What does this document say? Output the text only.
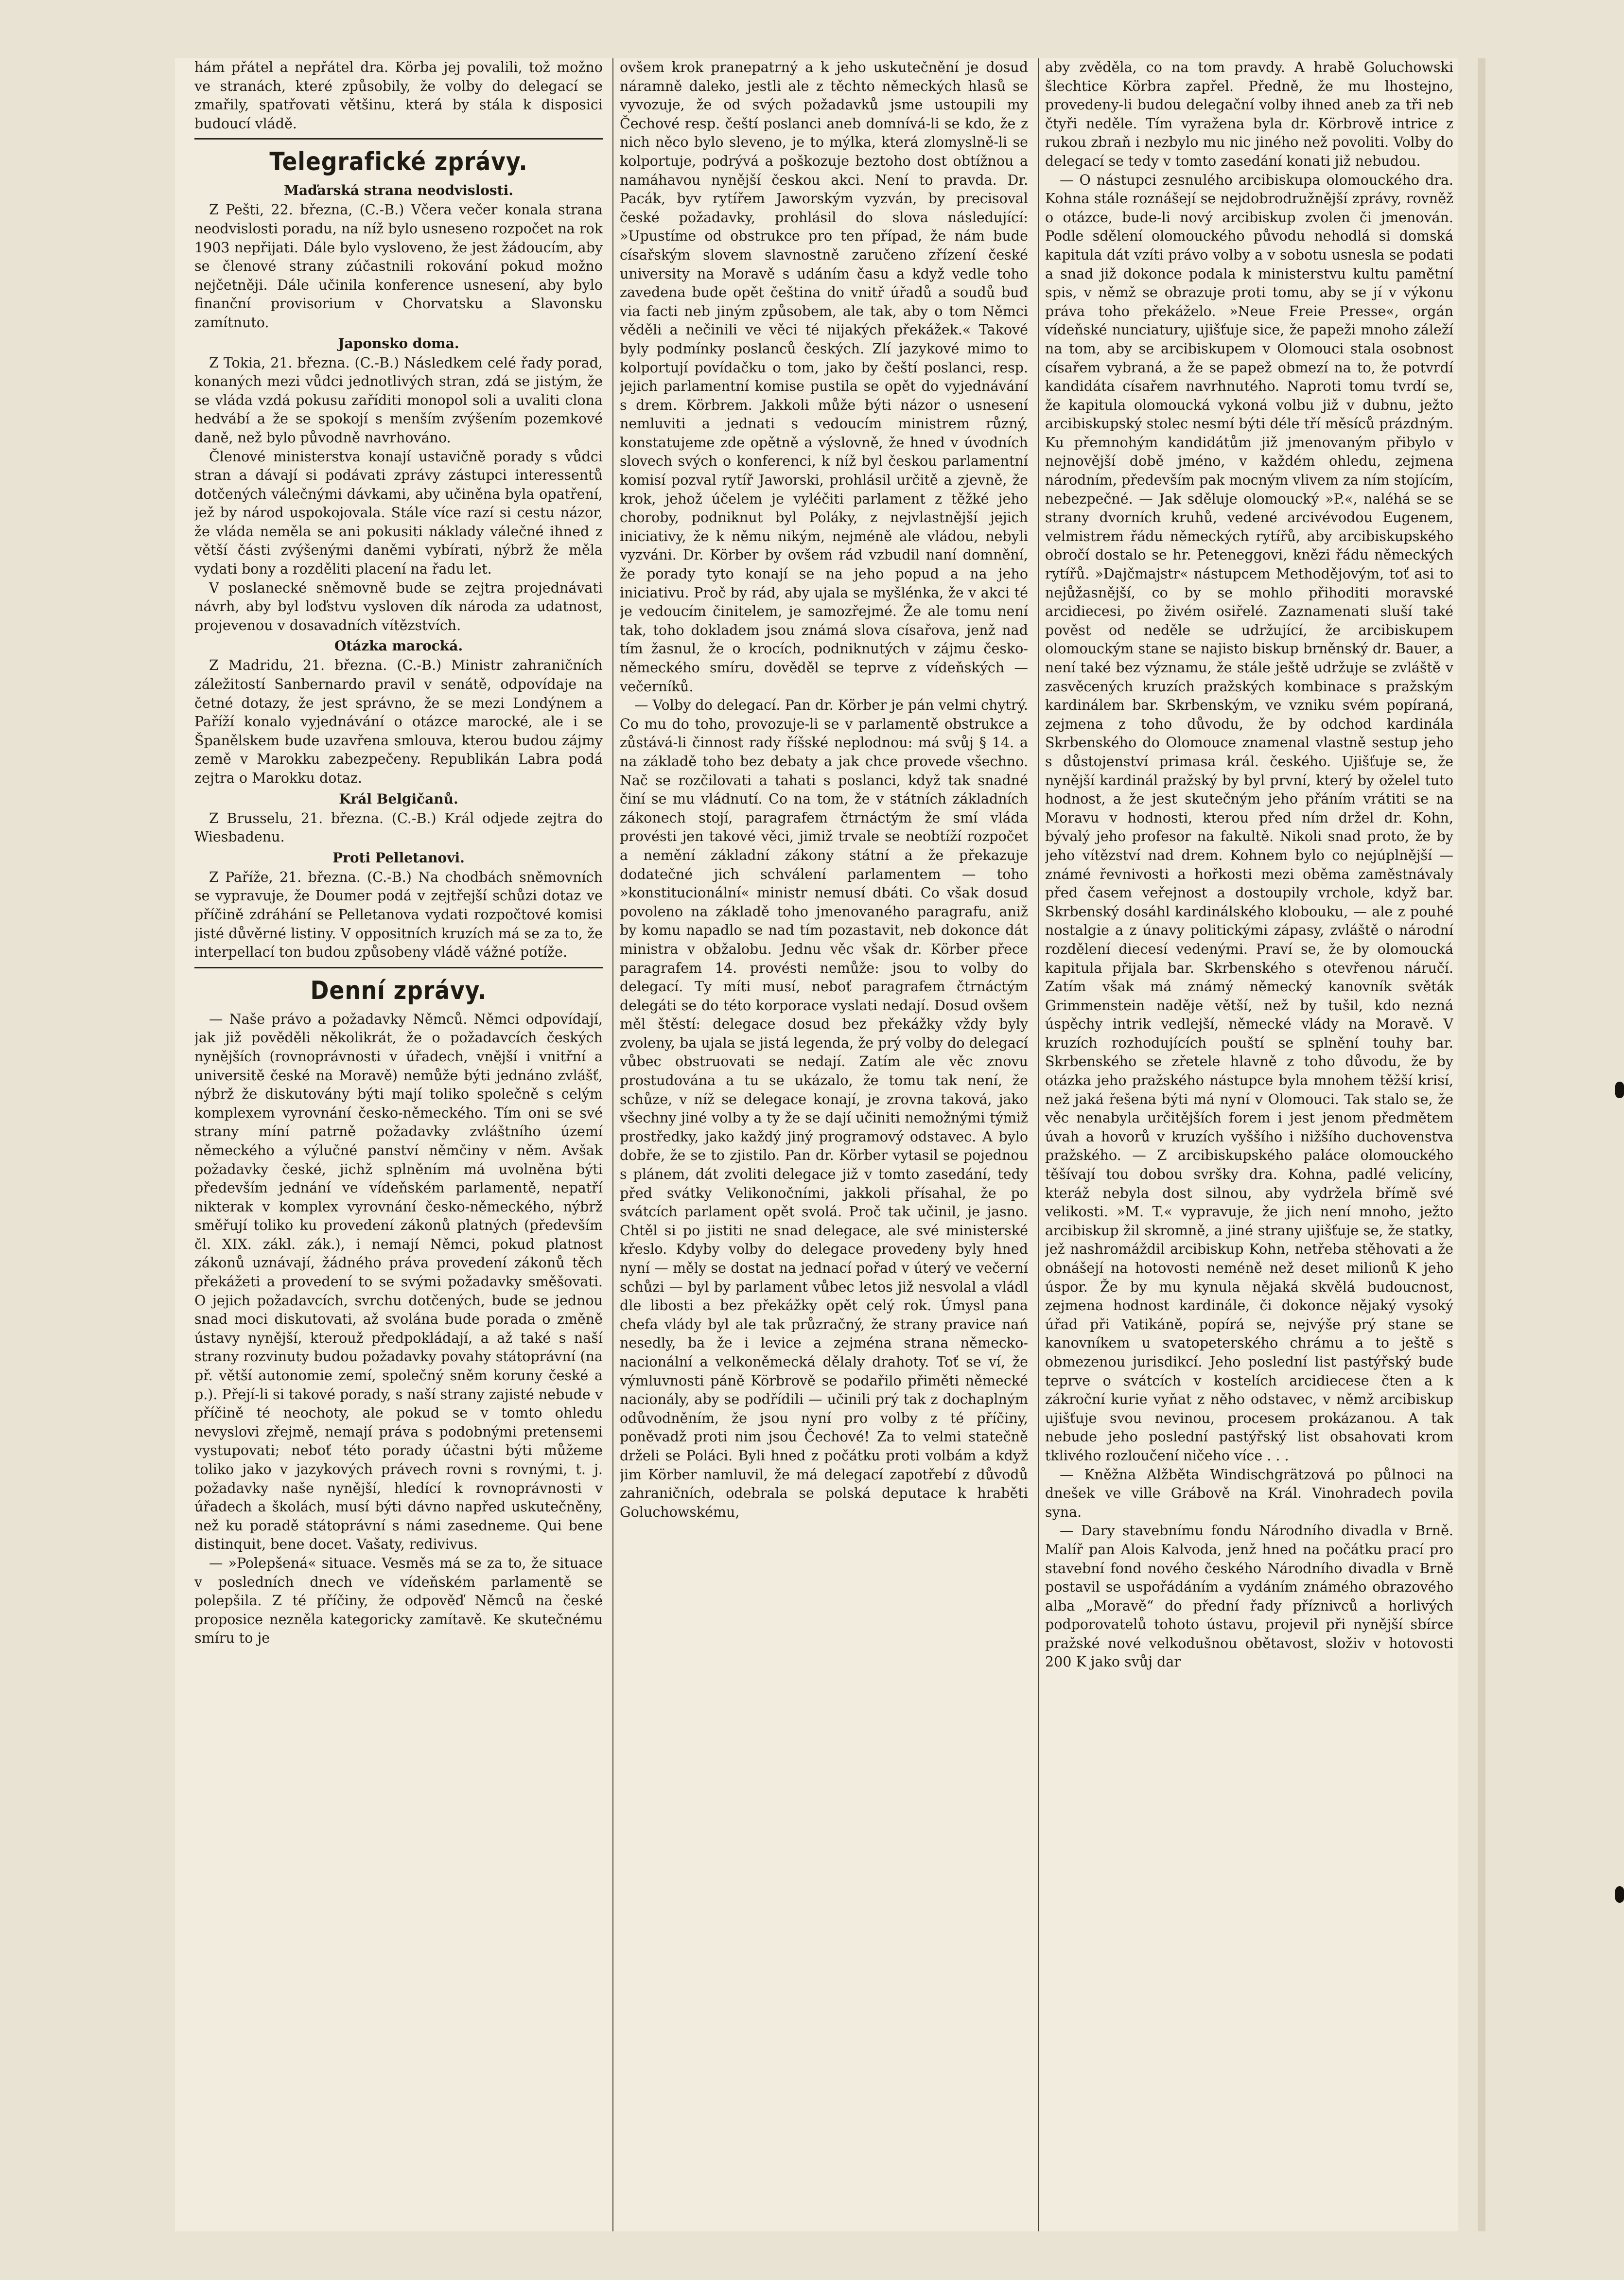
hám přátel a nepřátel dra. Körba jej povalili, tož možno ve stranách, které způsobily, že volby do delegací se zmařily, spatřovati většinu, která by stála k disposici budoucí vládě.

Telegrafické zprávy.
Maďarská strana neodvislosti.

Z Pešti, 22. března, (C.-B.) Včera večer konala strana neodvislosti poradu, na níž bylo usneseno rozpočet na rok 1903 nepřijati. Dále bylo vysloveno, že jest žádoucím, aby se členové strany zúčastnili rokování pokud možno nejčetněji. Dále učinila konference usnesení, aby bylo finanční provisorium v Chorvatsku a Slavonsku zamítnuto.

Japonsko doma.

Z Tokia, 21. března. (C.-B.) Následkem celé řady porad, konaných mezi vůdci jednotlivých stran, zdá se jistým, že se vláda vzdá pokusu zaříditi monopol soli a uvaliti clona hedvábí a že se spokojí s menším zvýšením pozemkové daně, než bylo původně navrhováno.

Členové ministerstva konají ustavičně porady s vůdci stran a dávají si podávati zprávy zástupci interessentů dotčených válečnými dávkami, aby učiněna byla opatření, jež by národ uspokojovala. Stále více razí si cestu názor, že vláda neměla se ani pokusiti náklady válečné ihned z větší části zvýšenými daněmi vybírati, nýbrž že měla vydati bony a rozděliti placení na řadu let.

V poslanecké sněmovně bude se zejtra projednávati návrh, aby byl loďstvu vysloven dík národa za udatnost, projevenou v dosavadních vítězstvích.

Otázka marocká.

Z Madridu, 21. března. (C.-B.) Ministr zahraničních záležitostí Sanbernardo pravil v senátě, odpovídaje na četné dotazy, že jest správno, že se mezi Londýnem a Paříží konalo vyjednávání o otázce marocké, ale i se Španělskem bude uzavřena smlouva, kterou budou zájmy země v Marokku zabezpečeny. Republikán Labra podá zejtra o Marokku dotaz.

Král Belgičanů.

Z Brusselu, 21. března. (C.-B.) Král odjede zejtra do Wiesbadenu.

Proti Pelletanovi.

Z Paříže, 21. března. (C.-B.) Na chodbách sněmovních se vypravuje, že Doumer podá v zejtřejší schůzi dotaz ve příčině zdráhání se Pelletanova vydati rozpočtové komisi jisté důvěrné listiny. V oppositních kruzích má se za to, že interpellací ton budou způsobeny vládě vážné potíže.

Denní zprávy.

— Naše právo a požadavky Němců. Němci odpovídají, jak již pověděli několikrát, že o požadavcích českých nynějších (rovnoprávnosti v úřadech, vnější i vnitřní a universitě české na Moravě) nemůže býti jednáno zvlášť, nýbrž že diskutovány býti mají toliko společně s celým komplexem vyrovnání česko-německého. Tím oni se své strany míní patrně požadavky zvláštního území německého a výlučné panství němčiny v něm. Avšak požadavky české, jichž splněním má uvolněna býti především jednání ve vídeňském parlamentě, nepatří nikterak v komplex vyrovnání česko-německého, nýbrž směřují toliko ku provedení zákonů platných (především čl. XIX. zákl. zák.), i nemají Němci, pokud platnost zákonů uznávají, žádného práva provedení zákonů těch překážeti a provedení to se svými požadavky směšovati. O jejich požadavcích, svrchu dotčených, bude se jednou snad moci diskutovati, až svolána bude porada o změně ústavy nynější, kterouž předpokládají, a až také s naší strany rozvinuty budou požadavky povahy státoprávní (na př. větší autonomie zemí, společný sněm koruny české a p.). Přejí-li si takové porady, s naší strany zajisté nebude v příčině té neochoty, ale pokud se v tomto ohledu nevyslovi zřejmě, nemají práva s podobnými pretensemi vystupovati; neboť této porady účastni býti můžeme toliko jako v jazykových právech rovni s rovnými, t. j. požadavky naše nynější, hledící k rovnoprávnosti v úřadech a školách, musí býti dávno napřed uskutečněny, než ku poradě státoprávní s námi zasedneme. Qui bene distinquit, bene docet. Vašaty, redivivus.

— »Polepšená« situace. Vesměs má se za to, že situace v posledních dnech ve vídeňském parlamentě se polepšila. Z té příčiny, že odpověď Němců na české proposice nezněla kategoricky zamítavě. Ke skutečnému smíru to je

ovšem krok pranepatrný a k jeho uskutečnění je dosud náramně daleko, jestli ale z těchto německých hlasů se vyvozuje, že od svých požadavků jsme ustoupili my Čechové resp. čeští poslanci aneb domnívá-li se kdo, že z nich něco bylo sleveno, je to mýlka, která zlomyslně-li se kolportuje, podrývá a poškozuje beztoho dost obtížnou a namáhavou nynější českou akci. Není to pravda. Dr. Pacák, byv rytířem Jaworským vyzván, by precisoval české požadavky, prohlásil do slova následující: »Upustíme od obstrukce pro ten případ, že nám bude císařským slovem slavnostně zaručeno zřízení české university na Moravě s udáním času a když vedle toho zavedena bude opět čeština do vnitř úřadů a soudů buď via facti neb jiným způsobem, ale tak, aby o tom Němci věděli a nečinili ve věci té nijakých překážek.« Takové byly podmínky poslanců českých. Zlí jazykové mimo to kolportují povídačku o tom, jako by čeští poslanci, resp. jejich parlamentní komise pustila se opět do vyjednávání s drem. Körbrem. Jakkoli může býti názor o usnesení nemluviti a jednati s vedoucím ministrem různý, konstatujeme zde opětně a výslovně, že hned v úvodních slovech svých o konferenci, k níž byl českou parlamentní komisí pozval rytíř Jaworski, prohlásil určitě a zjevně, že krok, jehož účelem je vyléčiti parlament z těžké jeho choroby, podniknut byl Poláky, z nejvlastnější jejich iniciativy, že k němu nikým, nejméně ale vládou, nebyli vyzváni. Dr. Körber by ovšem rád vzbudil naní domnění, že porady tyto konají se na jeho popud a na jeho iniciativu. Proč by rád, aby ujala se myšlénka, že v akci té je vedoucím činitelem, je samozřejmé. Že ale tomu není tak, toho dokladem jsou známá slova císařova, jenž nad tím žasnul, že o krocích, podniknutých v zájmu česko-německého smíru, dověděl se teprve z vídeňských — večerníků.

— Volby do delegací. Pan dr. Körber je pán velmi chytrý. Co mu do toho, provozuje-li se v parlamentě obstrukce a zůstává-li činnost rady říšské neplodnou: má svůj § 14. a na základě toho bez debaty a jak chce provede všechno. Nač se rozčilovati a tahati s poslanci, když tak snadné činí se mu vládnutí. Co na tom, že v státních základních zákonech stojí, paragrafem čtrnáctým že smí vláda provésti jen takové věci, jimiž trvale se neobtíží rozpočet a nemění základní zákony státní a že překazuje dodatečné jich schválení parlamentem — toho »konstitucionální« ministr nemusí dbáti. Co však dosud povoleno na základě toho jmenovaného paragrafu, aniž by komu napadlo se nad tím pozastavit, neb dokonce dát ministra v obžalobu. Jednu věc však dr. Körber přece paragrafem 14. provésti nemůže: jsou to volby do delegací. Ty míti musí, neboť paragrafem čtrnáctým delegáti se do této korporace vyslati nedají. Dosud ovšem měl štěstí: delegace dosud bez překážky vždy byly zvoleny, ba ujala se jistá legenda, že prý volby do delegací vůbec obstruovati se nedají. Zatím ale věc znovu prostudována a tu se ukázalo, že tomu tak není, že schůze, v níž se delegace konají, je zrovna taková, jako všechny jiné volby a ty že se dají učiniti nemožnými týmiž prostředky, jako každý jiný programový odstavec. A bylo dobře, že se to zjistilo. Pan dr. Körber vytasil se pojednou s plánem, dát zvoliti delegace již v tomto zasedání, tedy před svátky Velikonočními, jakkoli přísahal, že po svátcích parlament opět svolá. Proč tak učinil, je jasno. Chtěl si po jistiti ne snad delegace, ale své ministerské křeslo. Kdyby volby do delegace provedeny byly hned nyní — měly se dostat na jednací pořad v úterý ve večerní schůzi — byl by parlament vůbec letos již nesvolal a vládl dle libosti a bez překážky opět celý rok. Úmysl pana chefa vlády byl ale tak průzračný, že strany pravice nań nesedly, ba že i levice a zejména strana německo-nacionální a velkoněmecká dělaly drahoty. Toť se ví, že výmluvnosti páně Körbrově se podařilo přiměti německé nacionály, aby se podřídili — učinili prý tak z dochaplným odůvodněním, že jsou nyní pro volby z té příčiny, poněvadž proti nim jsou Čechové! Za to velmi statečně drželi se Poláci. Byli hned z počátku proti volbám a když jim Körber namluvil, že má delegací zapotřebí z důvodů zahraničních, odebrala se polská deputace k hraběti Goluchowskému,

aby zvěděla, co na tom pravdy. A hrabě Goluchowski šlechtice Körbra zapřel. Předně, že mu lhostejno, provedeny-li budou delegační volby ihned aneb za tři neb čtyři neděle. Tím vyražena byla dr. Körbrově intrice z rukou zbraň i nezbylo mu nic jiného než povoliti. Volby do delegací se tedy v tomto zasedání konati již nebudou.

— O nástupci zesnulého arcibiskupa olomouckého dra. Kohna stále roznášejí se nejdobrodružnější zprávy, rovněž o otázce, bude-li nový arcibiskup zvolen či jmenován. Podle sdělení olomouckého původu nehodlá si domská kapitula dát vzíti právo volby a v sobotu usnesla se podati a snad již dokonce podala k ministerstvu kultu pamětní spis, v němž se obrazuje proti tomu, aby se jí v výkonu práva toho překáželo. »Neue Freie Presse«, orgán vídeňské nunciatury, ujišťuje sice, že papeži mnoho záleží na tom, aby se arcibiskupem v Olomouci stala osobnost císařem vybraná, a že se papež obmezí na to, že potvrdí kandidáta císařem navrhnutého. Naproti tomu tvrdí se, že kapitula olomoucká vykoná volbu již v dubnu, ježto arcibiskupský stolec nesmí býti déle tří měsíců prázdným. Ku přemnohým kandidátům již jmenovaným přibylo v nejnovější době jméno, v každém ohledu, zejmena národním, především pak mocným vlivem za ním stojícím, nebezpečné. — Jak sděluje olomoucký »P.«, naléhá se se strany dvorních kruhů, vedené arcivévodou Eugenem, velmistrem řádu německých rytířů, aby arcibiskupského obročí dostalo se hr. Peteneggovi, knězi řádu německých rytířů. »Dajčmajstr« nástupcem Methodějovým, toť asi to nejůžasnější, co by se mohlo přihoditi moravské arcidiecesi, po živém osiřelé. Zaznamenati sluší také pověst od neděle se udržující, že arcibiskupem olomouckým stane se najisto biskup brněnský dr. Bauer, a není také bez významu, že stále ještě udržuje se zvláště v zasvěcených kruzích pražských kombinace s pražským kardinálem bar. Skrbenským, ve vzniku svém popíraná, zejmena z toho důvodu, že by odchod kardinála Skrbenského do Olomouce znamenal vlastně sestup jeho s důstojenství primasa král. českého. Ujišťuje se, že nynější kardinál pražský by byl první, který by oželel tuto hodnost, a že jest skutečným jeho přáním vrátiti se na Moravu v hodnosti, kterou před ním držel dr. Kohn, bývalý jeho profesor na fakultě. Nikoli snad proto, že by jeho vítězství nad drem. Kohnem bylo co nejúplnější — známé řevnivosti a hořkosti mezi oběma zaměstnávaly před časem veřejnost a dostoupily vrchole, když bar. Skrbenský dosáhl kardinálského klobouku, — ale z pouhé nostalgie a z únavy politickými zápasy, zvláště o národní rozdělení diecesí vedenými. Praví se, že by olomoucká kapitula přijala bar. Skrbenského s otevřenou náručí. Zatím však má známý německý kanovník světák Grimmenstein naděje větší, než by tušil, kdo nezná úspěchy intrik vedlejší, německé vlády na Moravě. V kruzích rozhodujících pouští se splnění touhy bar. Skrbenského se zřetele hlavně z toho důvodu, že by otázka jeho pražského nástupce byla mnohem těžší krisí, než jaká řešena býti má nyní v Olomouci. Tak stalo se, že věc nenabyla určitějších forem i jest jenom předmětem úvah a hovorů v kruzích vyššího i nižšího duchovenstva pražského. — Z arcibiskupského paláce olomouckého těšívají tou dobou svršky dra. Kohna, padlé velicíny, kteráž nebyla dost silnou, aby vydržela břímě své velikosti. »M. T.« vypravuje, že jich není mnoho, ježto arcibiskup žil skromně, a jiné strany ujišťuje se, že statky, jež nashromáždil arcibiskup Kohn, netřeba stěhovati a že obnášejí na hotovosti neméně než deset milionů K jeho úspor. Že by mu kynula nějaká skvělá budoucnost, zejmena hodnost kardinále, či dokonce nějaký vysoký úřad při Vatikáně, popírá se, nejvýše prý stane se kanovníkem u svatopeterského chrámu a to ještě s obmezenou jurisdikcí. Jeho poslední list pastýřský bude teprve o svátcích v kostelích arcidiecese čten a k zákroční kurie vyňat z něho odstavec, v němž arcibiskup ujišťuje svou nevinou, procesem prokázanou. A tak nebude jeho poslední pastýřský list obsahovati krom tklivého rozloučení ničeho více . . .

— Kněžna Alžběta Windischgrätzová po půlnoci na dnešek ve ville Grábově na Král. Vinohradech povila syna.

— Dary stavebnímu fondu Národního divadla v Brně. Malíř pan Alois Kalvoda, jenž hned na počátku prací pro stavební fond nového českého Národního divadla v Brně postavil se uspořádáním a vydáním známého obrazového alba „Moravě“ do přední řady příznivců a horlivých podporovatelů tohoto ústavu, projevil při nynější sbírce pražské nové velkodušnou obětavost, složiv v hotovosti 200 K jako svůj dar
